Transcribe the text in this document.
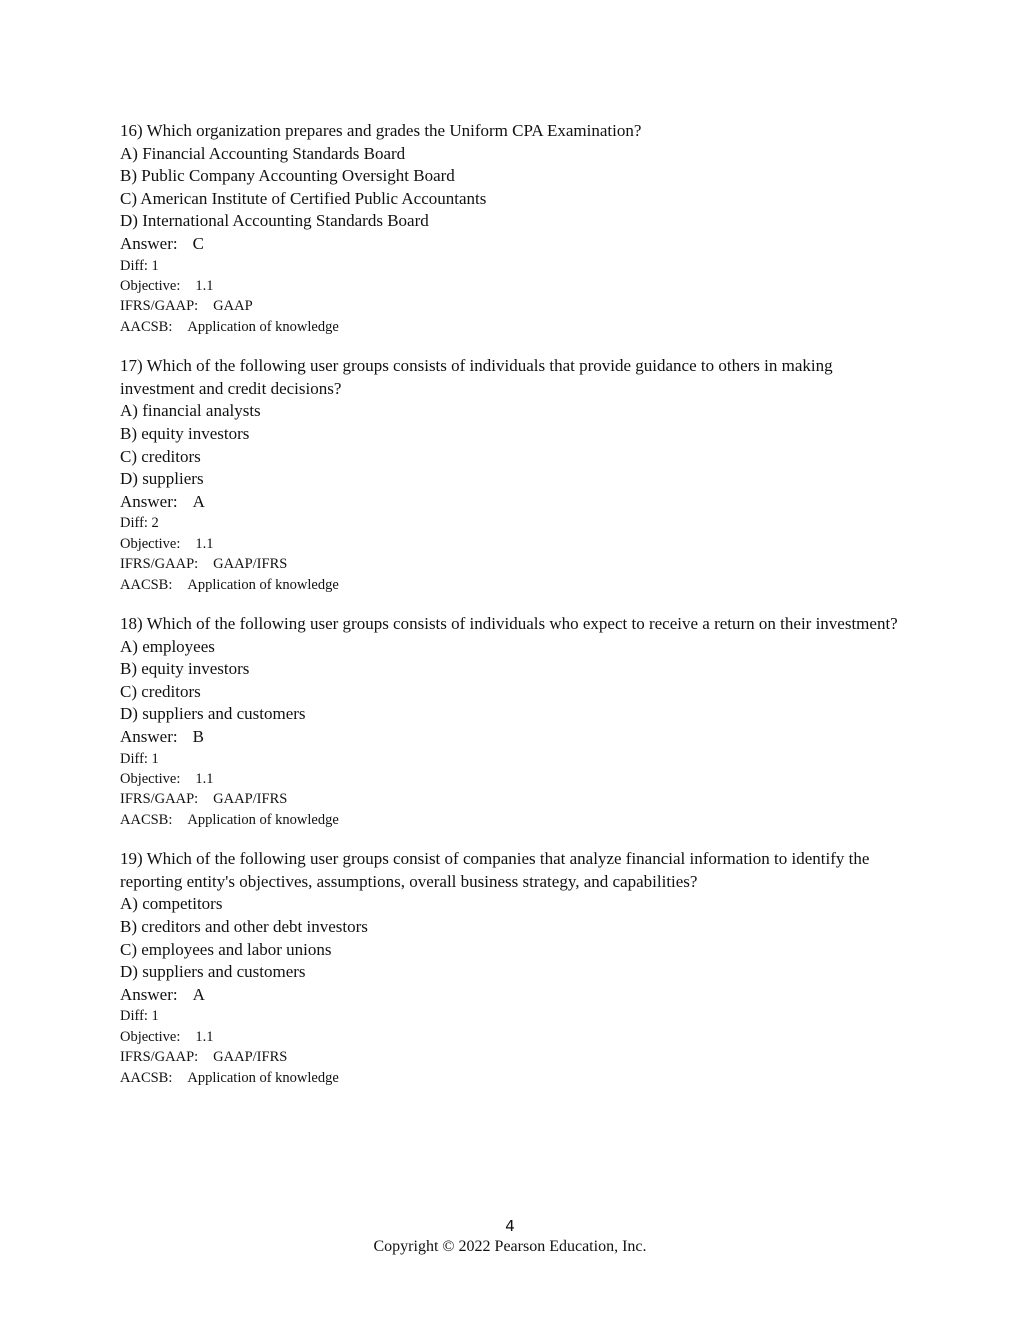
16) Which organization prepares and grades the Uniform CPA Examination?
A) Financial Accounting Standards Board
B) Public Company Accounting Oversight Board
C) American Institute of Certified Public Accountants
D) International Accounting Standards Board
Answer: C
Diff: 1
Objective: 1.1
IFRS/GAAP: GAAP
AACSB: Application of knowledge
17) Which of the following user groups consists of individuals that provide guidance to others in making investment and credit decisions?
A) financial analysts
B) equity investors
C) creditors
D) suppliers
Answer: A
Diff: 2
Objective: 1.1
IFRS/GAAP: GAAP/IFRS
AACSB: Application of knowledge
18) Which of the following user groups consists of individuals who expect to receive a return on their investment?
A) employees
B) equity investors
C) creditors
D) suppliers and customers
Answer: B
Diff: 1
Objective: 1.1
IFRS/GAAP: GAAP/IFRS
AACSB: Application of knowledge
19) Which of the following user groups consist of companies that analyze financial information to identify the reporting entity's objectives, assumptions, overall business strategy, and capabilities?
A) competitors
B) creditors and other debt investors
C) employees and labor unions
D) suppliers and customers
Answer: A
Diff: 1
Objective: 1.1
IFRS/GAAP: GAAP/IFRS
AACSB: Application of knowledge
4
Copyright © 2022 Pearson Education, Inc.
